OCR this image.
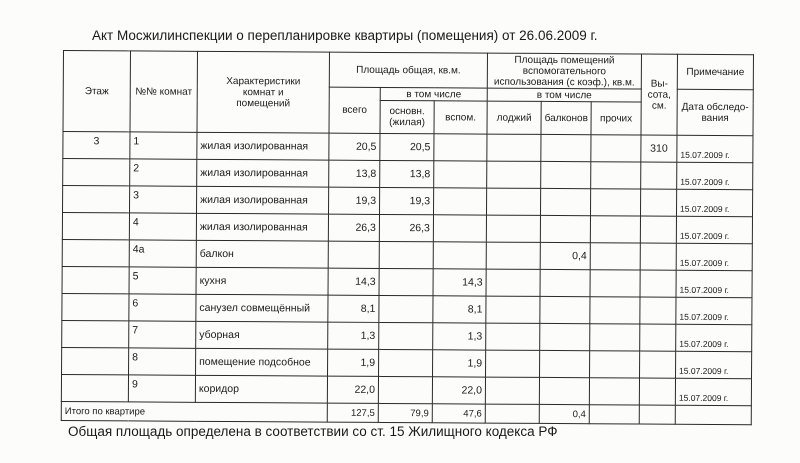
Акт Мосжилинспекции о перепланировке квартиры (помещения) от 26.06.2009 г.
Этаж	№№ комнат	Характеристики комнат и помещений	Площадь общая, кв.м.			Площадь помещений вспомогательного использования (с коэф.), кв.м.			Вы-сота, см.	Примечание
			всего	в том числе		в том числе				Дата обследо-вания
				основн. (жилая)	вспом.	лоджий	балконов	прочих		
3	1	жилая изолированная	20,5	20,5					310	15.07.2009 г.
	2	жилая изолированная	13,8	13,8						15.07.2009 г.
	3	жилая изолированная	19,3	19,3						15.07.2009 г.
	4	жилая изолированная	26,3	26,3						15.07.2009 г.
	4а	балкон					0,4			15.07.2009 г.
	5	кухня	14,3		14,3					15.07.2009 г.
	6	санузел совмещённый	8,1		8,1					15.07.2009 г.
	7	уборная	1,3		1,3					15.07.2009 г.
	8	помещение подсобное	1,9		1,9					15.07.2009 г.
	9	коридор	22,0		22,0					15.07.2009 г.
Итого по квартире			127,5	79,9	47,6		0,4			
Общая площадь определена в соответствии со ст. 15 Жилищного кодекса РФ
